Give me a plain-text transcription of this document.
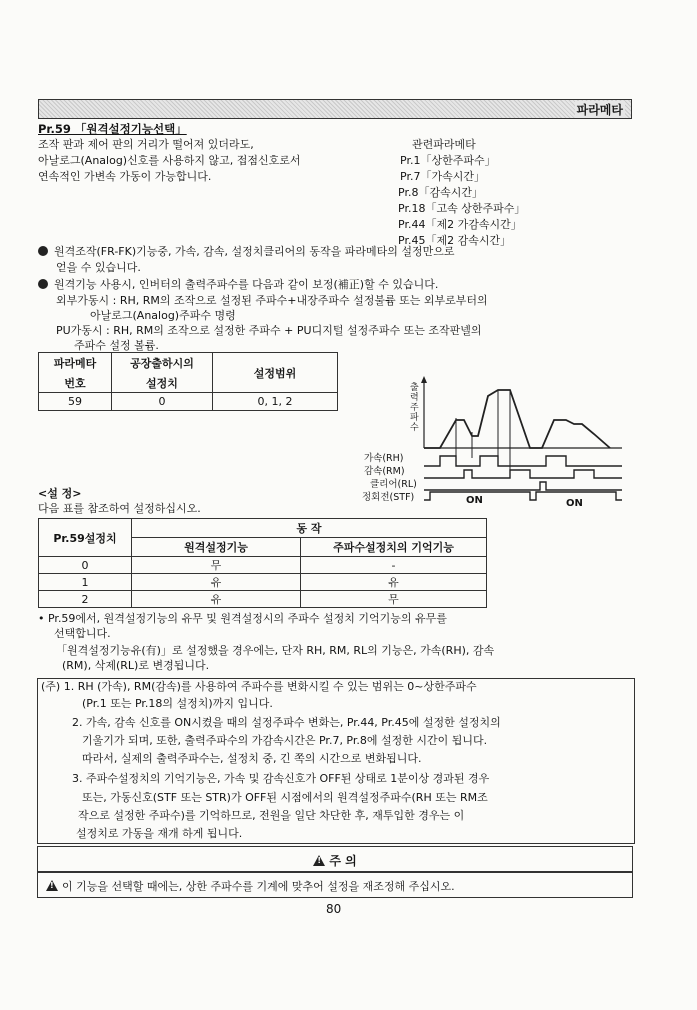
파라메타
Pr.59 「원격설정기능선택」
조작 판과 제어 판의 거리가 떨어져 있더라도,
아날로그(Analog)신호를 사용하지 않고, 접점신호로서
연속적인 가변속 가동이 가능합니다.
관련파라메타
Pr.1「상한주파수」
Pr.7「가속시간」
Pr.8「감속시간」
Pr.18「고속 상한주파수」
Pr.44「제2 가감속시간」
Pr.45「제2 감속시간」
원격조작(FR-FK)기능중, 가속, 감속, 설정치클리어의 동작을 파라메타의 설정만으로
얻을 수 있습니다.
원격기능 사용시, 인버터의 출력주파수를 다음과 같이 보정(補正)할 수 있습니다.
외부가동시 : RH, RM의 조작으로 설정된 주파수+내장주파수 설정불륨 또는 외부로부터의
아날로그(Analog)주파수 명령
PU가동시 : RH, RM의 조작으로 설정한 주파수 + PU디지털 설정주파수 또는 조작판넬의
주파수 설정 볼륨.
파라메타	공장출하시의	설정범위
번호	설정치	
59	0	0, 1, 2
출력주파수
가속(RH)
감속(RM)
클리어(RL)
정회전(STF)	ON	ON
<설 정>
다음 표를 참조하여 설정하십시오.
Pr.59설정치	동 작	
	원격설정기능	주파수설정치의 기억기능
0	무	-
1	유	유
2	유	무
• Pr.59에서, 원격설정기능의 유무 및 원격설정시의 주파수 설정치 기억기능의 유무를
선택합니다.
「원격설정기능유(有)」로 설정했을 경우에는, 단자 RH, RM, RL의 기능은, 가속(RH), 감속
(RM), 삭제(RL)로 변경됩니다.
(주) 1. RH (가속), RM(감속)를 사용하여 주파수를 변화시킬 수 있는 범위는 0~상한주파수
(Pr.1 또는 Pr.18의 설정치)까지 입니다.
2. 가속, 감속 신호를 ON시켰을 때의 설정주파수 변화는, Pr.44, Pr.45에 설정한 설정치의
기울기가 되며, 또한, 출력주파수의 가감속시간은 Pr.7, Pr.8에 설정한 시간이 됩니다.
따라서, 실제의 출력주파수는, 설정치 중, 긴 쪽의 시간으로 변화됩니다.
3. 주파수설정치의 기억기능은, 가속 및 감속신호가 OFF된 상태로 1분이상 경과된 경우
또는, 가동신호(STF 또는 STR)가 OFF된 시점에서의 원격설정주파수(RH 또는 RM조
작으로 설정한 주파수)를 기억하므로, 전원을 일단 차단한 후, 재투입한 경우는 이
설정치로 가동을 재개 하게 됩니다.
!주 의
!이 기능을 선택할 때에는, 상한 주파수를 기계에 맞추어 설정을 재조정해 주십시오.
80
